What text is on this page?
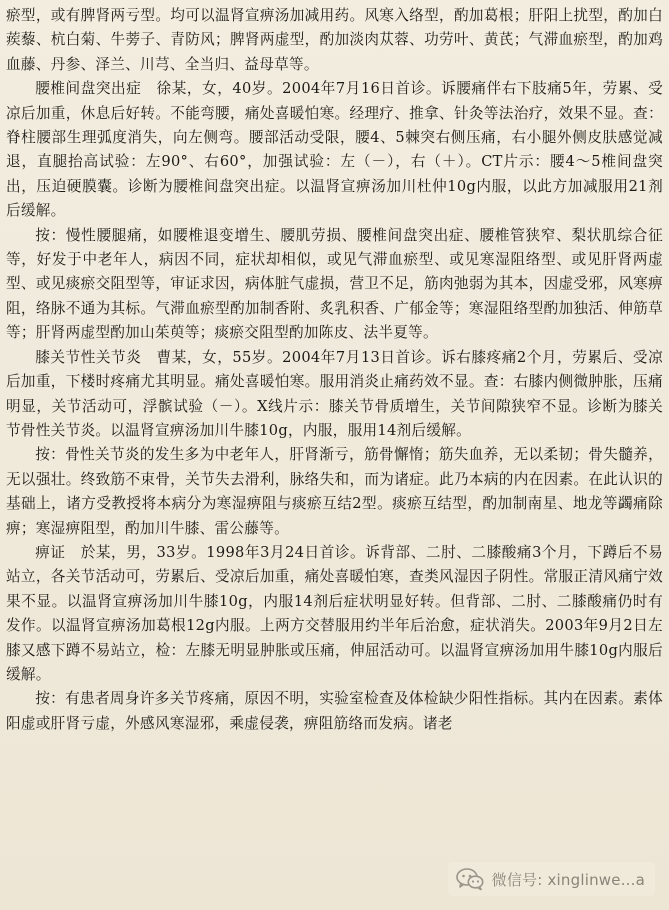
瘀型，或有脾肾两亏型。均可以温肾宣痹汤加减用药。风寒入络型，酌加葛根；肝阳上扰型，酌加白蒺藜、杭白菊、牛蒡子、青防风；脾肾两虚型，酌加淡肉苁蓉、功劳叶、黄芪；气滞血瘀型，酌加鸡血藤、丹参、泽兰、川芎、全当归、益母草等。

腰椎间盘突出症　徐某，女，40岁。2004年7月16日首诊。诉腰痛伴右下肢痛5年，劳累、受凉后加重，休息后好转。不能弯腰，痛处喜暖怕寒。经理疗、推拿、针灸等法治疗，效果不显。查：脊柱腰部生理弧度消失，向左侧弯。腰部活动受限，腰4、5棘突右侧压痛，右小腿外侧皮肤感觉减退，直腿抬高试验：左90°、右60°，加强试验：左（－），右（＋）。CT片示：腰4～5椎间盘突出，压迫硬膜囊。诊断为腰椎间盘突出症。以温肾宣痹汤加川杜仲10g内服，以此方加减服用21剂后缓解。

按：慢性腰腿痛，如腰椎退变增生、腰肌劳损、腰椎间盘突出症、腰椎管狭窄、梨状肌综合征等，好发于中老年人，病因不同，症状却相似，或见气滞血瘀型、或见寒湿阻络型、或见肝肾两虚型、或见痰瘀交阻型等，审证求因，病体脏气虚损，营卫不足，筋肉弛弱为其本，因虚受邪，风寒痹阻，络脉不通为其标。气滞血瘀型酌加制香附、炙乳积香、广郁金等；寒湿阻络型酌加独活、伸筋草等；肝肾两虚型酌加山茱萸等；痰瘀交阻型酌加陈皮、法半夏等。

膝关节性关节炎　曹某，女，55岁。2004年7月13日首诊。诉右膝疼痛2个月，劳累后、受凉后加重，下楼时疼痛尤其明显。痛处喜暖怕寒。服用消炎止痛药效不显。查：右膝内侧微肿胀，压痛明显，关节活动可，浮髌试验（－）。X线片示：膝关节骨质增生，关节间隙狭窄不显。诊断为膝关节骨性关节炎。以温肾宣痹汤加川牛膝10g，内服，服用14剂后缓解。

按：骨性关节炎的发生多为中老年人，肝肾渐亏，筋骨懈惰；筋失血养，无以柔韧；骨失髓养，无以强壮。终致筋不束骨，关节失去滑利，脉络失和，而为诸症。此乃本病的内在因素。在此认识的基础上，诸方受教授将本病分为寒湿痹阻与痰瘀互结2型。痰瘀互结型，酌加制南星、地龙等蠲痛除痹；寒湿痹阻型，酌加川牛膝、雷公藤等。

痹证　於某，男，33岁。1998年3月24日首诊。诉背部、二肘、二膝酸痛3个月，下蹲后不易站立，各关节活动可，劳累后、受凉后加重，痛处喜暖怕寒，查类风湿因子阴性。常服正清风痛宁效果不显。以温肾宣痹汤加川牛膝10g，内服14剂后症状明显好转。但背部、二肘、二膝酸痛仍时有发作。以温肾宣痹汤加葛根12g内服。上两方交替服用约半年后治愈，症状消失。2003年9月2日左膝又感下蹲不易站立，检：左膝无明显肿胀或压痛，伸屈活动可。以温肾宣痹汤加用牛膝10g内服后缓解。

按：有患者周身许多关节疼痛，原因不明，实验室检查及体检缺少阳性指标。其内在因素。素体阳虚或肝肾亏虚，外感风寒湿邪，乘虚侵袭，痹阻筋络而发病。诸老

微信号: xinglinwe...a
